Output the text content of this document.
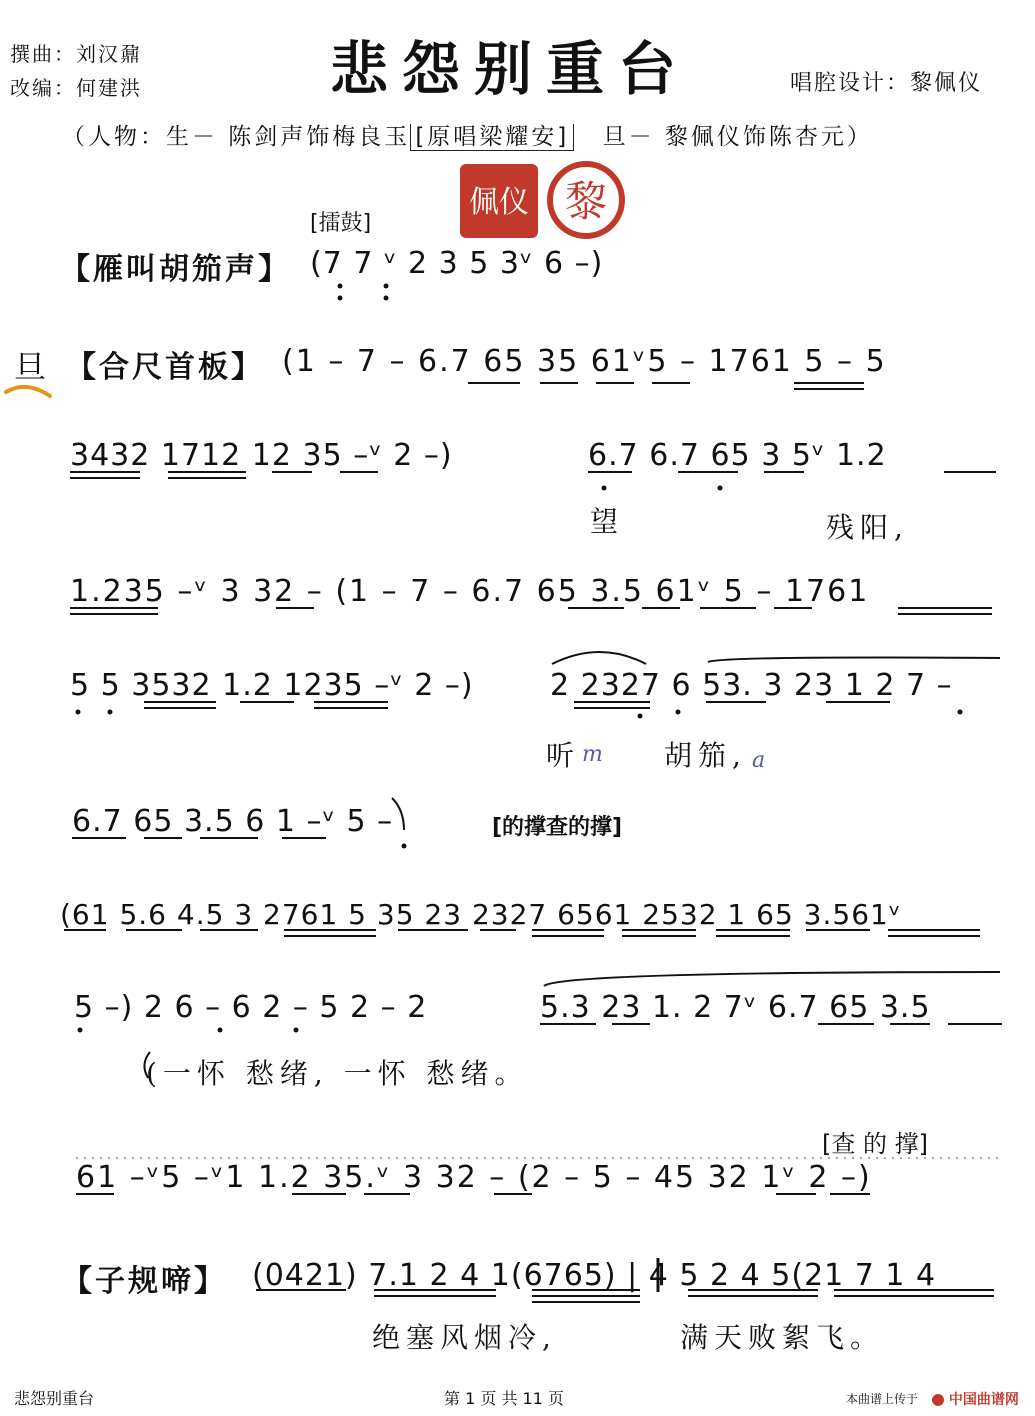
撰曲：刘汉鼐
改编：何建洪	悲怨别重台	唱腔设计：黎佩仪
（人物：生－ 陈剑声饰梅良玉 [原唱梁耀安] 旦－ 黎佩仪饰陈杏元）
佩仪 黎
[擂鼓]
【雁叫胡笳声】 (7 7 ᵛ 2 3 5 3ᵛ 6 –)
旦 【合尺首板】 (1 – 7 – 6.7 65 35 61ᵛ5 – 1761 5 – 5
3432 1712 12 35 –ᵛ 2 –)	6.7 6.7 65 3 5ᵛ 1.2
望	残阳,
1.235 –ᵛ 3 32 – (1 – 7 – 6.7 65 3.5 61ᵛ 5 – 1761
5 5 3532 1.2 1235 –ᵛ 2 –)	2 2327 6 53. 3 23 1 2 7 –
听 m 胡笳, a
6.7 65 3.5 6 1 –ᵛ 5 –	[的撑查的撑]
(61 5.6 4.5 3 2761 5 35 23 2327 6561 2532 1 65 3.561ᵛ
5 –) 2 6 – 6 2 – 5 2 – 2	5.3 23 1. 2 7ᵛ 6.7 65 3.5
(一怀 愁绪, 一怀 愁绪。
[查 的 撑]
61 –ᵛ5 –ᵛ1 1.2 35.ᵛ 3 32 – (2 – 5 – 45 32 1ᵛ 2 –)
【子规啼】 (0421) 7.1 2 4 1(6765) | 4 5 2 4 5(21 7 1 4
绝塞风烟冷,	满天败絮飞。
悲怨别重台	第 1 页 共 11 页	本曲谱上传于	中国曲谱网
